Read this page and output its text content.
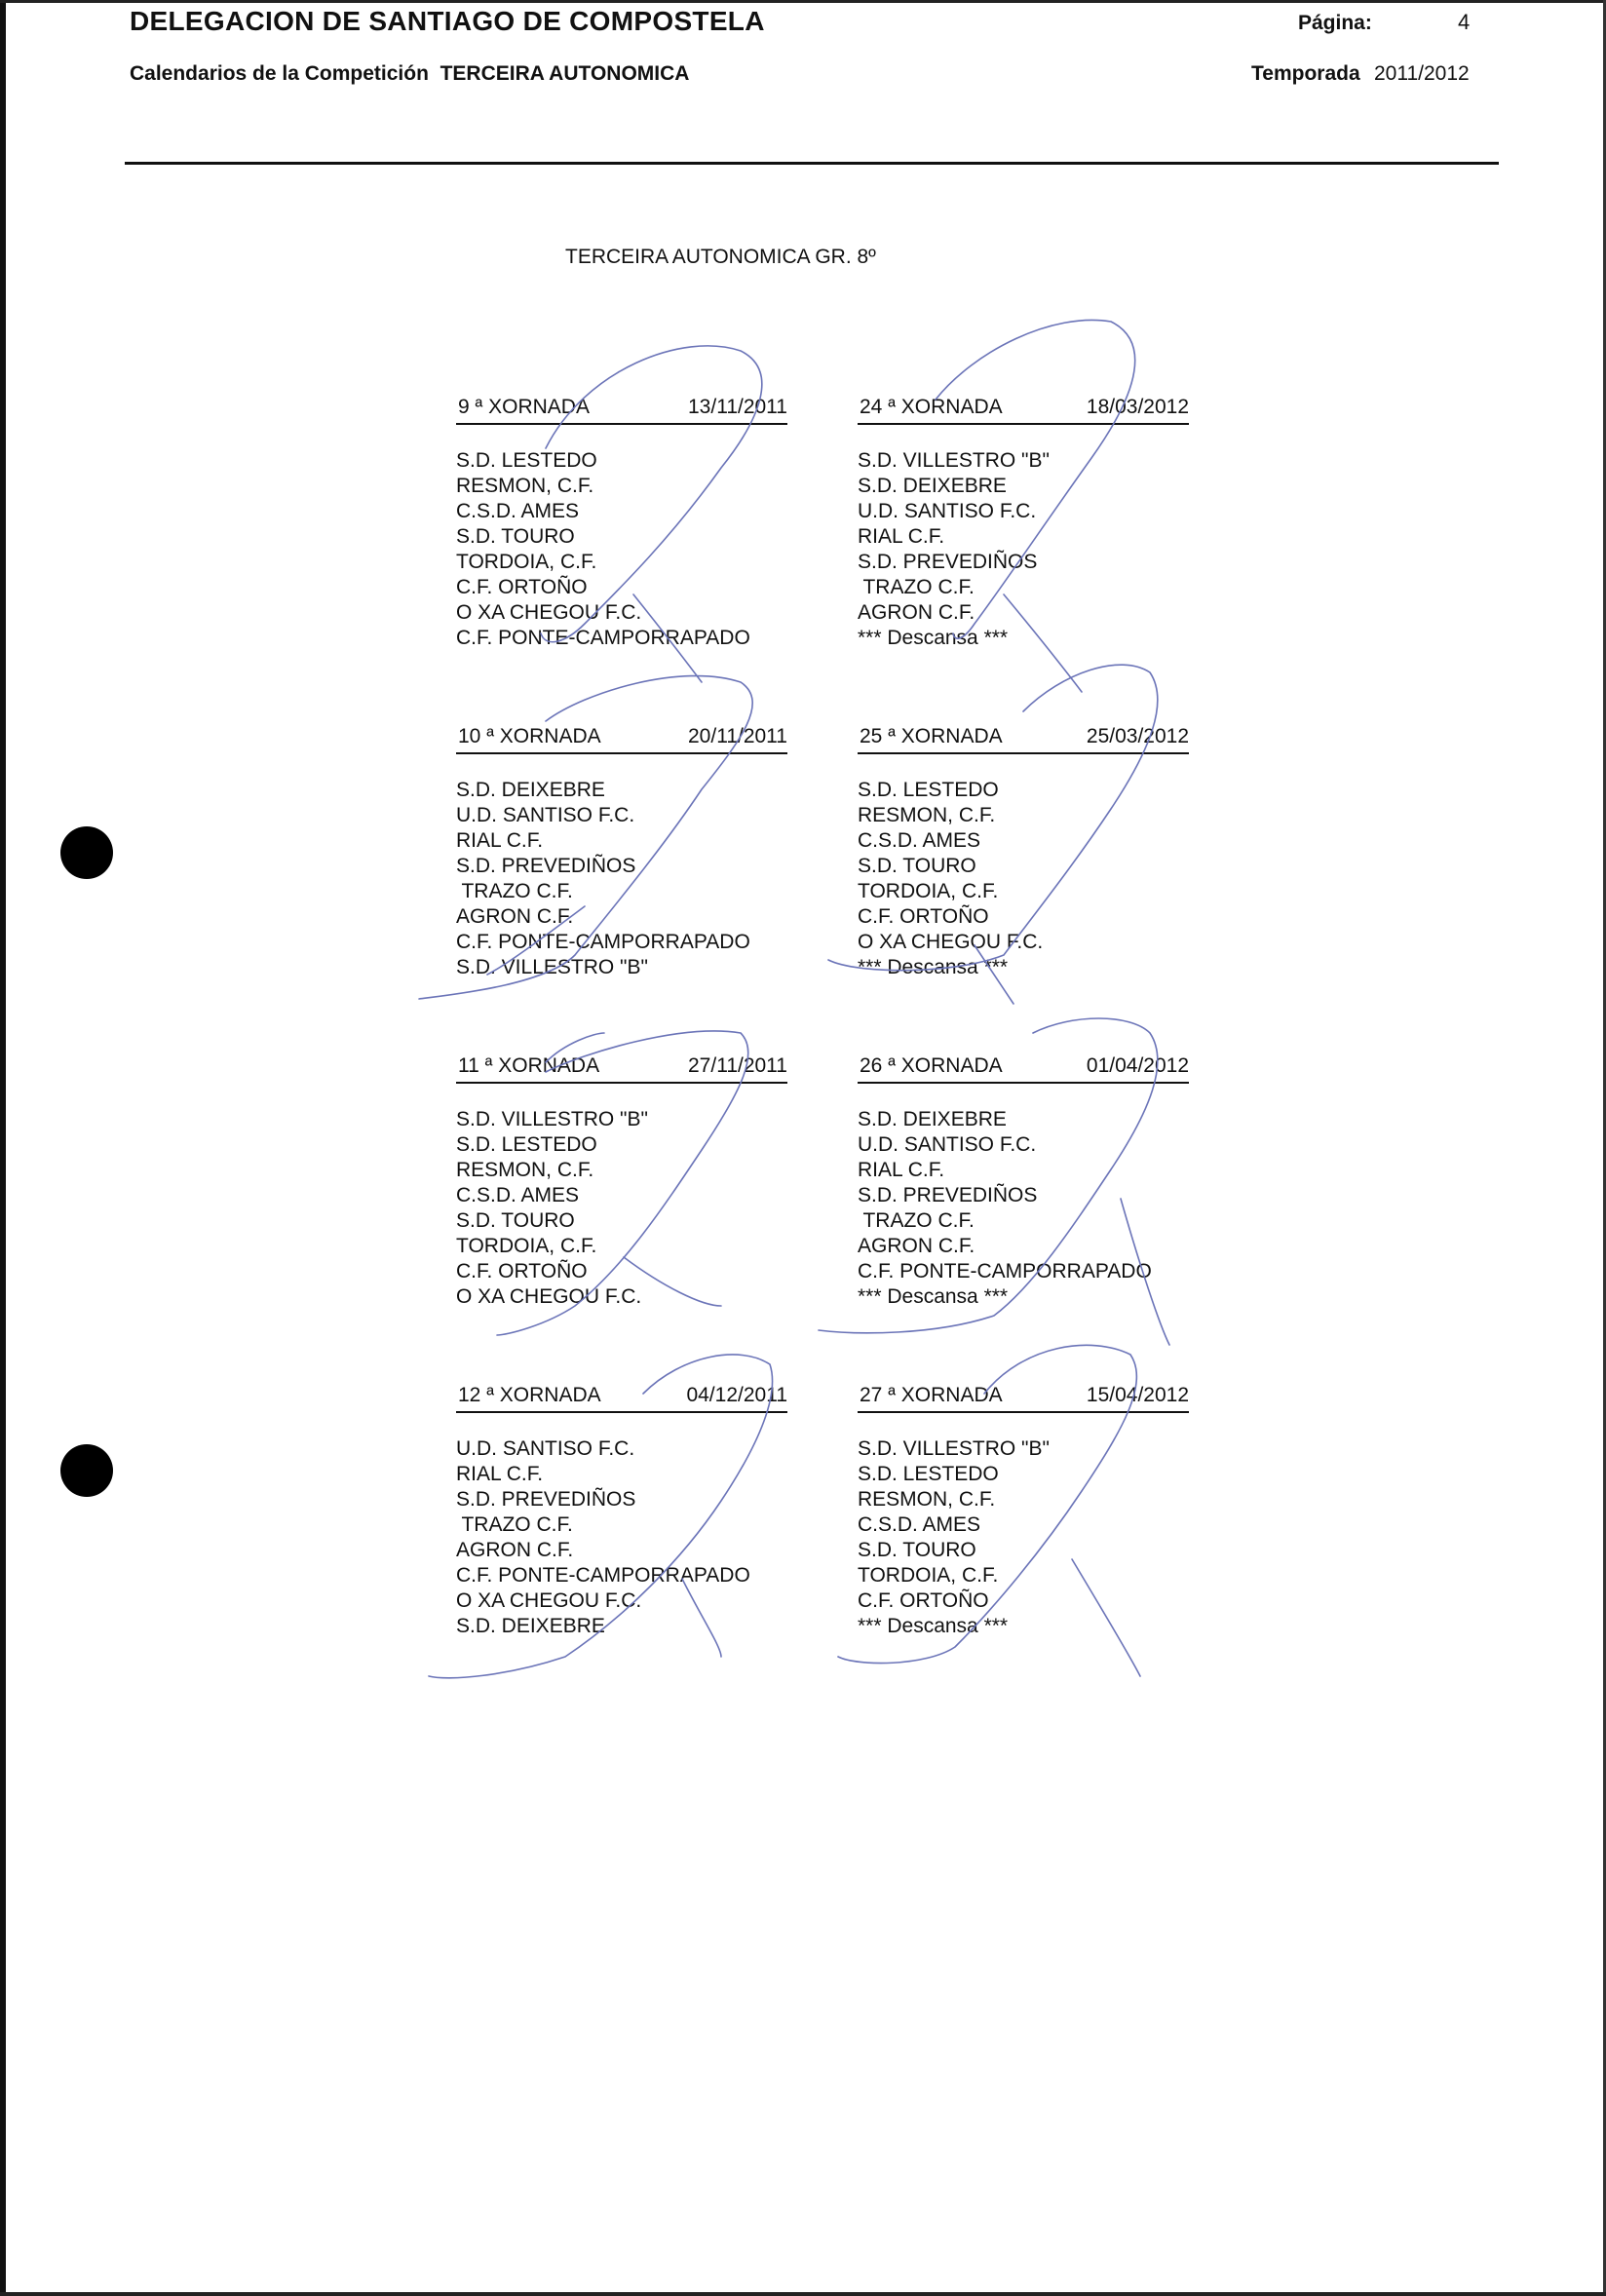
DELEGACION DE SANTIAGO DE COMPOSTELA	Página:	4
Calendarios de la Competición  TERCEIRA AUTONOMICA	Temporada 2011/2012
TERCEIRA AUTONOMICA GR. 8º
9 ª XORNADA	13/11/2011
S.D. LESTEDO
RESMON, C.F.
C.S.D. AMES
S.D. TOURO
TORDOIA, C.F.
C.F. ORTOÑO
O XA CHEGOU F.C.
C.F. PONTE-CAMPORRAPADO
24 ª XORNADA	18/03/2012
S.D. VILLESTRO "B"
S.D. DEIXEBRE
U.D. SANTISO F.C.
RIAL C.F.
S.D. PREVEDIÑOS
TRAZO C.F.
AGRON C.F.
*** Descansa ***
10 ª XORNADA	20/11/2011
S.D. DEIXEBRE
U.D. SANTISO F.C.
RIAL C.F.
S.D. PREVEDIÑOS
TRAZO C.F.
AGRON C.F.
C.F. PONTE-CAMPORRAPADO
S.D. VILLESTRO "B"
25 ª XORNADA	25/03/2012
S.D. LESTEDO
RESMON, C.F.
C.S.D. AMES
S.D. TOURO
TORDOIA, C.F.
C.F. ORTOÑO
O XA CHEGOU F.C.
*** Descansa ***
11 ª XORNADA	27/11/2011
S.D. VILLESTRO "B"
S.D. LESTEDO
RESMON, C.F.
C.S.D. AMES
S.D. TOURO
TORDOIA, C.F.
C.F. ORTOÑO
O XA CHEGOU F.C.
26 ª XORNADA	01/04/2012
S.D. DEIXEBRE
U.D. SANTISO F.C.
RIAL C.F.
S.D. PREVEDIÑOS
TRAZO C.F.
AGRON C.F.
C.F. PONTE-CAMPORRAPADO
*** Descansa ***
12 ª XORNADA	04/12/2011
U.D. SANTISO F.C.
RIAL C.F.
S.D. PREVEDIÑOS
TRAZO C.F.
AGRON C.F.
C.F. PONTE-CAMPORRAPADO
O XA CHEGOU F.C.
S.D. DEIXEBRE
27 ª XORNADA	15/04/2012
S.D. VILLESTRO "B"
S.D. LESTEDO
RESMON, C.F.
C.S.D. AMES
S.D. TOURO
TORDOIA, C.F.
C.F. ORTOÑO
*** Descansa ***
